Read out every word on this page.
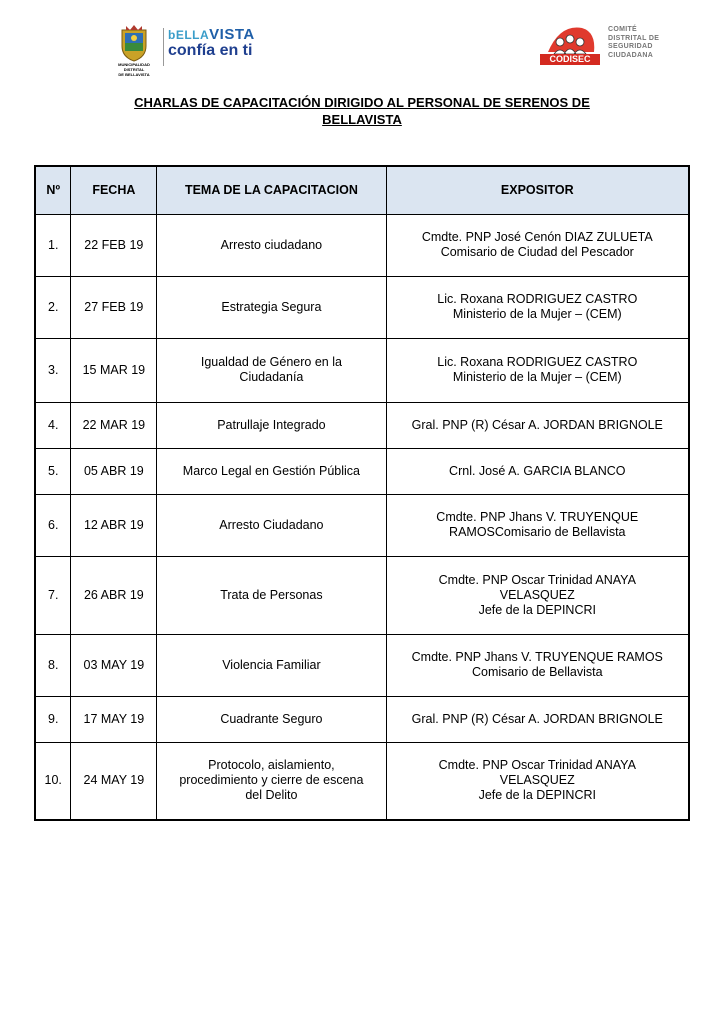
MUNICIPALIDAD DISTRITAL
DE BELLAVISTA
bELLAVISTA
confía en ti	CODISEC
COMITÉ
DISTRITAL DE
SEGURIDAD
CIUDADANA
CHARLAS DE CAPACITACIÓN DIRIGIDO AL PERSONAL DE SERENOS DE
BELLAVISTA
Nº	FECHA	TEMA DE LA CAPACITACION	EXPOSITOR
1.	22 FEB 19	Arresto ciudadano	Cmdte. PNP José Cenón DIAZ ZULUETA
Comisario de Ciudad del Pescador

2.	27 FEB 19	Estrategia Segura	Lic. Roxana RODRIGUEZ CASTRO
Ministerio de la Mujer – (CEM)

3.	15 MAR 19	Igualdad de Género en la
Ciudadanía	Lic. Roxana RODRIGUEZ CASTRO
Ministerio de la Mujer – (CEM)

4.	22 MAR 19	Patrullaje Integrado	Gral. PNP (R) César A. JORDAN BRIGNOLE

5.	05 ABR 19	Marco Legal en Gestión Pública	Crnl. José A. GARCIA BLANCO

6.	12 ABR 19	Arresto Ciudadano	Cmdte. PNP Jhans V. TRUYENQUE
RAMOSComisario de Bellavista

7.	26 ABR 19	Trata de Personas	Cmdte. PNP Oscar Trinidad ANAYA
VELASQUEZ
Jefe de la DEPINCRI

8.	03 MAY 19	Violencia Familiar	Cmdte. PNP Jhans V. TRUYENQUE RAMOS
Comisario de Bellavista

9.	17 MAY 19	Cuadrante Seguro	Gral. PNP (R) César A. JORDAN BRIGNOLE

10.	24 MAY 19	Protocolo, aislamiento,
procedimiento y cierre de escena
del Delito	Cmdte. PNP Oscar Trinidad ANAYA
VELASQUEZ
Jefe de la DEPINCRI
